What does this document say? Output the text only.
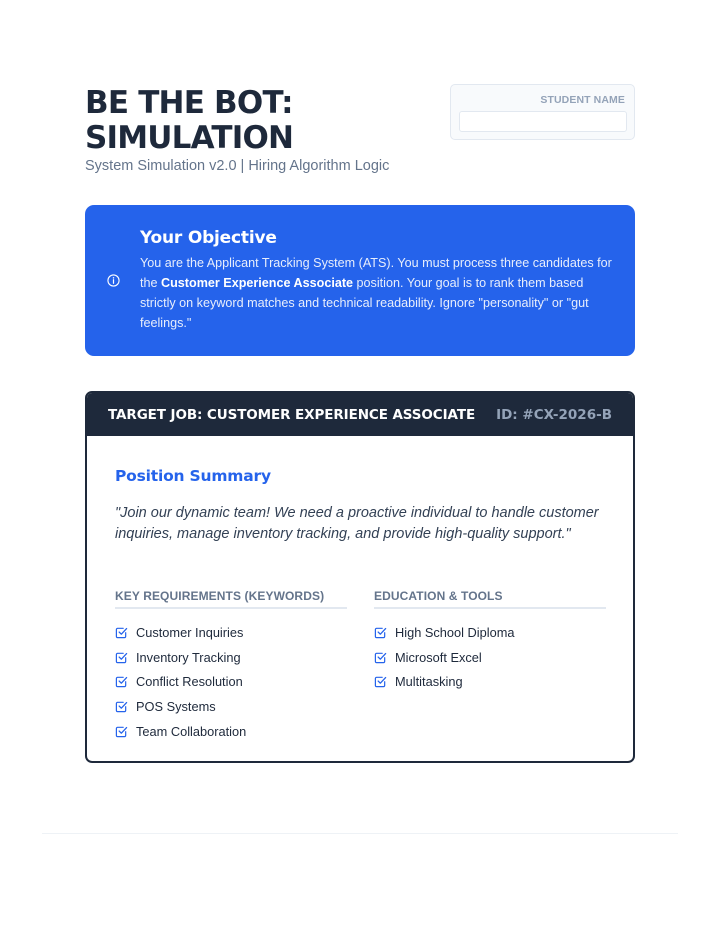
BE THE BOT: SIMULATION
System Simulation v2.0 | Hiring Algorithm Logic
STUDENT NAME
Your Objective

You are the Applicant Tracking System (ATS). You must process three candidates for the Customer Experience Associate position. Your goal is to rank them based strictly on keyword matches and technical readability. Ignore "personality" or "gut feelings."

TARGET JOB: CUSTOMER EXPERIENCE ASSOCIATE ID: #CX-2026-B
Position Summary

"Join our dynamic team! We need a proactive individual to handle customer inquiries, manage inventory tracking, and provide high-quality support."

KEY REQUIREMENTS (KEYWORDS)
Customer Inquiries
Inventory Tracking
Conflict Resolution
POS Systems
Team Collaboration
EDUCATION & TOOLS
High School Diploma
Microsoft Excel
Multitasking
